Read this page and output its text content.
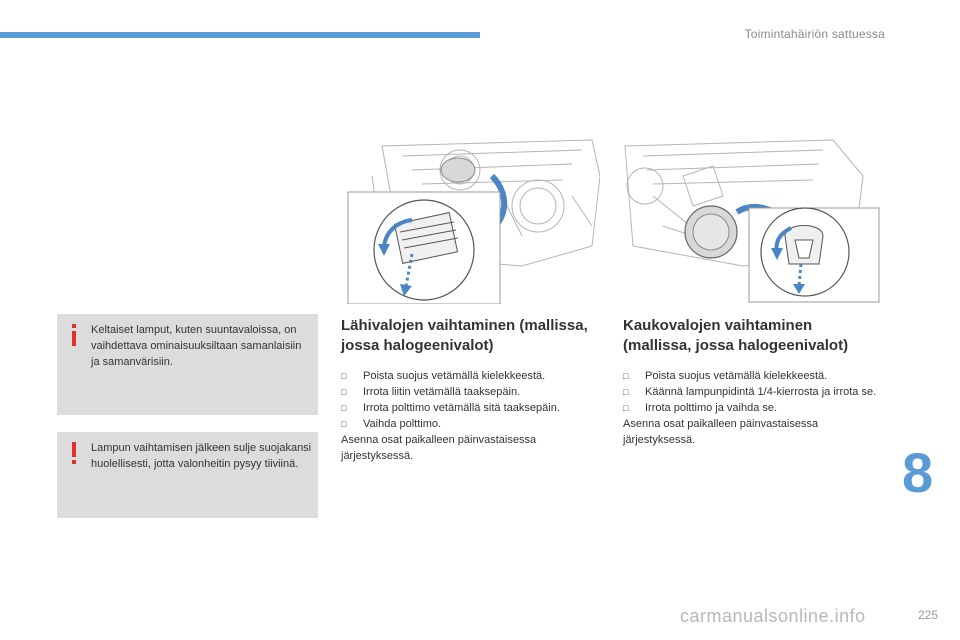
Toimintahäiriön sattuessa
Keltaiset lamput, kuten suuntavaloissa, on vaihdettava ominaisuuksiltaan samanlaisiin ja samanvärisiin.
Lampun vaihtamisen jälkeen sulje suojakansi huolellisesti, jotta valonheitin pysyy tiiviinä.
Lähivalojen vaihtaminen (mallissa, jossa halogeenivalot)
□ Poista suojus vetämällä kielekkeestä.
□ Irrota liitin vetämällä taaksepäin.
□ Irrota polttimo vetämällä sitä taaksepäin.
□ Vaihda polttimo.

Asenna osat paikalleen päinvastaisessa järjestyksessä.

Kaukovalojen vaihtaminen (mallissa, jossa halogeenivalot)
□ Poista suojus vetämällä kielekkeestä.
□ Käännä lampunpidintä 1/4-kierrosta ja irrota se.
□ Irrota polttimo ja vaihda se.

Asenna osat paikalleen päinvastaisessa järjestyksessä.

8
carmanualsonline.info	225
